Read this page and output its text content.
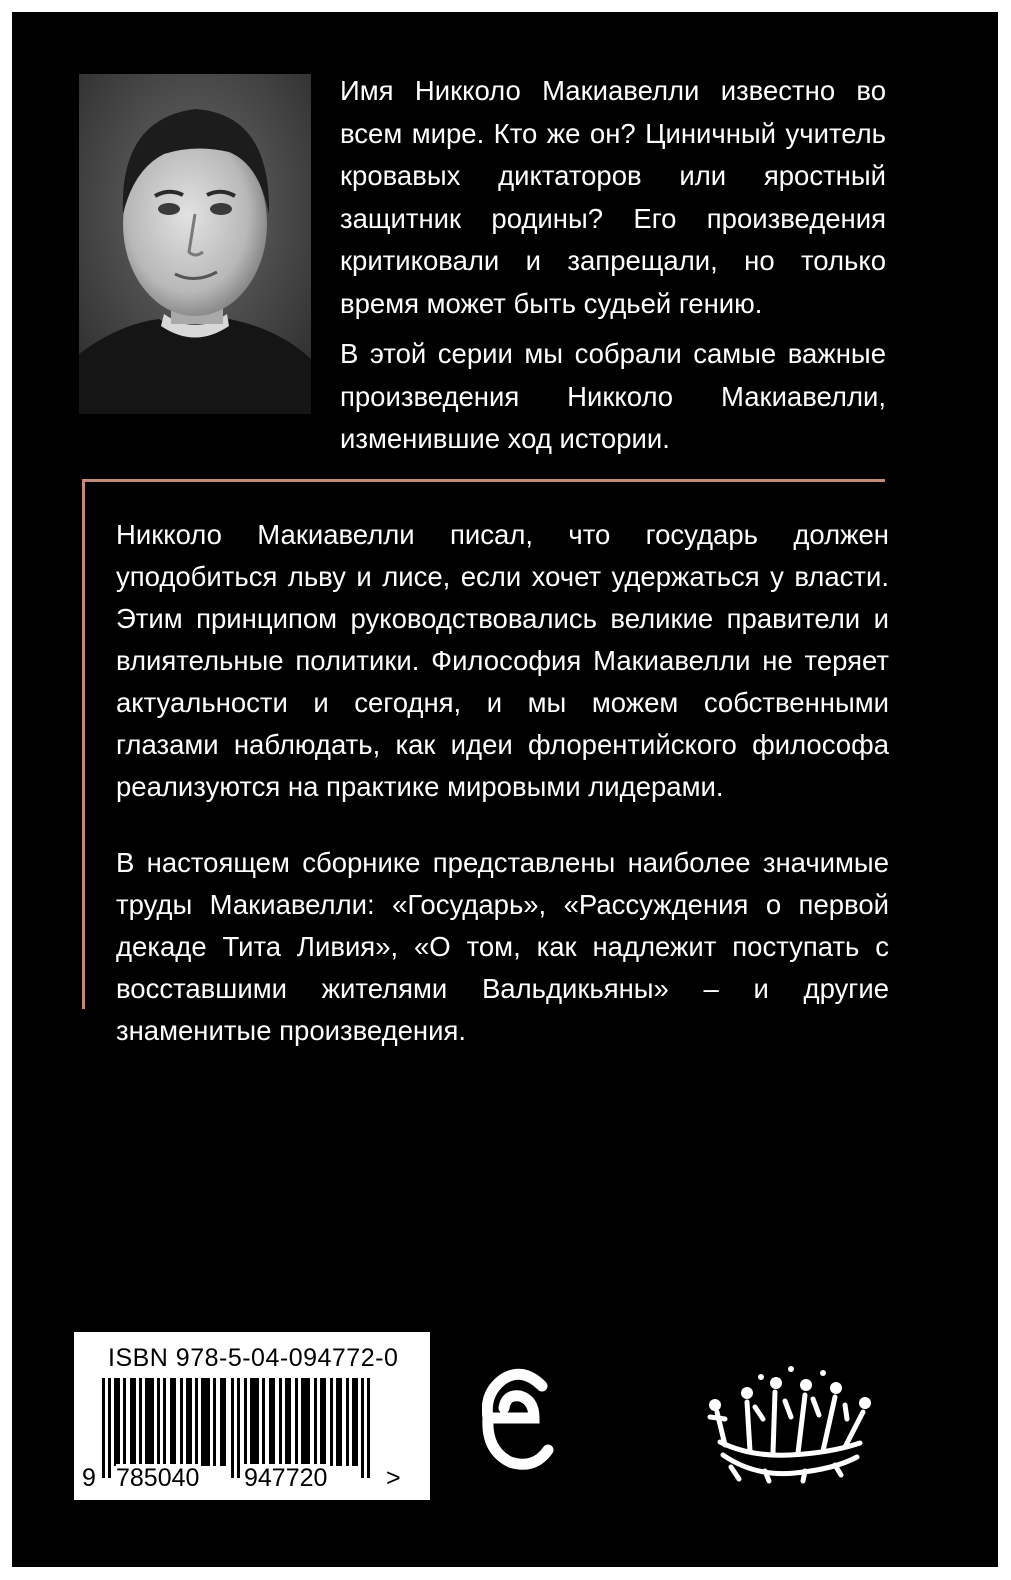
Имя Никколо Макиавелли известно во всем мире. Кто же он? Циничный учитель кровавых диктаторов или яростный защитник родины? Его произведения критиковали и запрещали, но только время может быть судьей гению.

В этой серии мы собрали самые важные произведения Никколо Макиавелли, изменившие ход истории.

Никколо Макиавелли писал, что государь должен уподобиться льву и лисе, если хочет удержаться у власти. Этим принципом руководствовались великие правители и влиятельные политики. Философия Макиавелли не теряет актуальности и сегодня, и мы можем собственными глазами наблюдать, как идеи флорентийского философа реализуются на практике мировыми лидерами.

В настоящем сборнике представлены наиболее значимые труды Макиавелли: «Государь», «Рассуждения о первой декаде Тита Ливия», «О том, как надлежит поступать с восставшими жителями Вальдикьяны» – и другие знаменитые произведения.

ISBN 978-5-04-094772-0
9 785040 947720 >
